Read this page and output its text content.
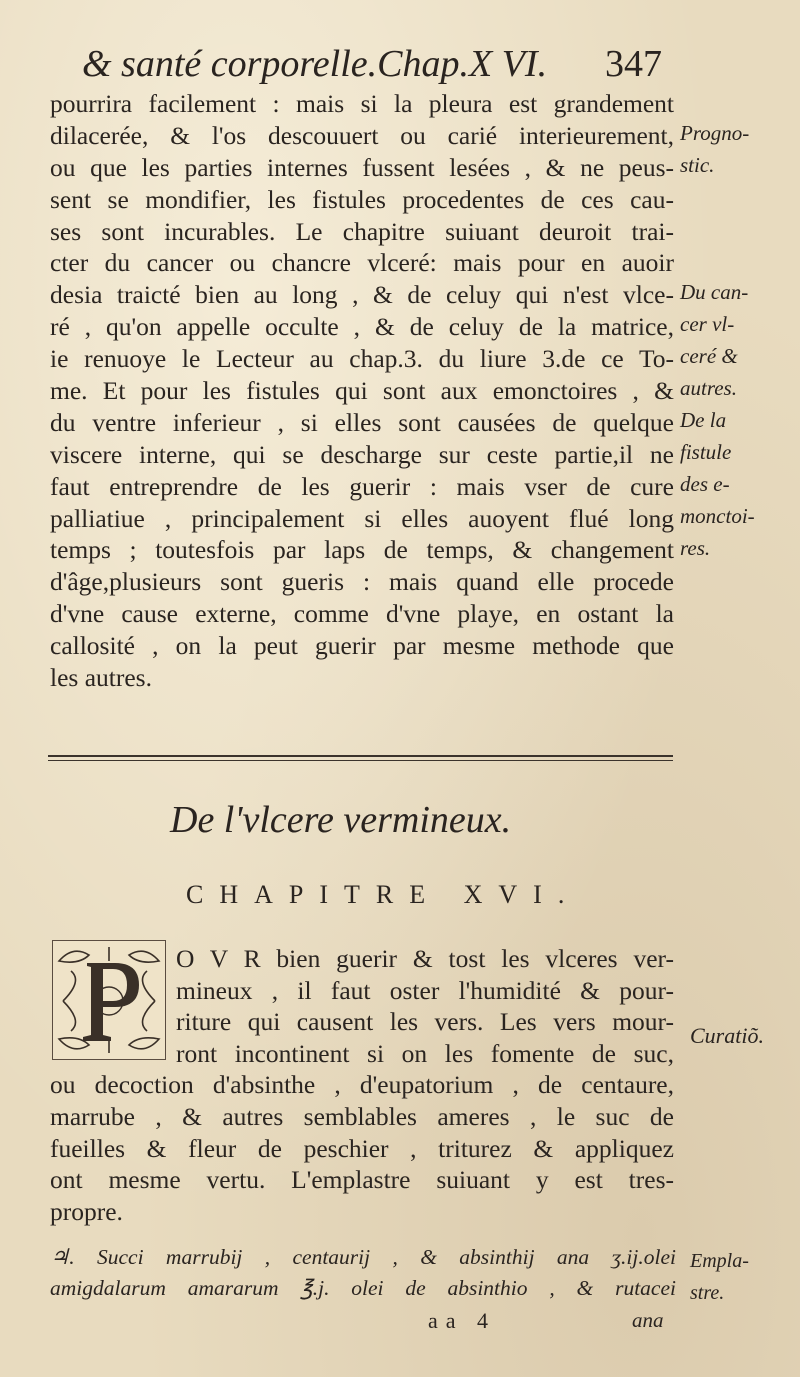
& santé corporelle.Chap.X VI. 347
pourrira facilement : mais si la pleura est grandement
dilacerée, & l'os descouuert ou carié interieurement,
ou que les parties internes fussent lesées , & ne peus-
sent se mondifier, les fistules procedentes de ces cau-
ses sont incurables. Le chapitre suiuant deuroit trai-
cter du cancer ou chancre vlceré: mais pour en auoir
desia traicté bien au long , & de celuy qui n'est vlce-
ré , qu'on appelle occulte , & de celuy de la matrice,
ie renuoye le Lecteur au chap.3. du liure 3.de ce To-
me. Et pour les fistules qui sont aux emonctoires , &
du ventre inferieur , si elles sont causées de quelque
viscere interne, qui se descharge sur ceste partie,il ne
faut entreprendre de les guerir : mais vser de cure
palliatiue , principalement si elles auoyent flué long
temps ; toutesfois par laps de temps, & changement
d'âge,plusieurs sont gueris : mais quand elle procede
d'vne cause externe, comme d'vne playe, en ostant la
callosité , on la peut guerir par mesme methode que
les autres.
Progno-
stic.
Du can-
cer vl-
ceré &
autres.
De la
fistule
des e-
monctoi-
res.
De l'vlcere vermineux.
CHAPITRE XVI.
O V R bien guerir & tost les vlceres ver-
mineux , il faut oster l'humidité & pour-
riture qui causent les vers. Les vers mour-
ront incontinent si on les fomente de suc,
ou decoction d'absinthe , d'eupatorium , de centaure,
marrube , & autres semblables ameres , le suc de
fueilles & fleur de peschier , triturez & appliquez
ont mesme vertu. L'emplastre suiuant y est tres-
propre.
Curatiõ.
♃. Succi marrubij , centaurij , & absinthij ana ʒ.ij.olei
amigdalarum amararum ℥.j. olei de absinthio , & rutacei
Empla-
stre.
aa 4	ana
